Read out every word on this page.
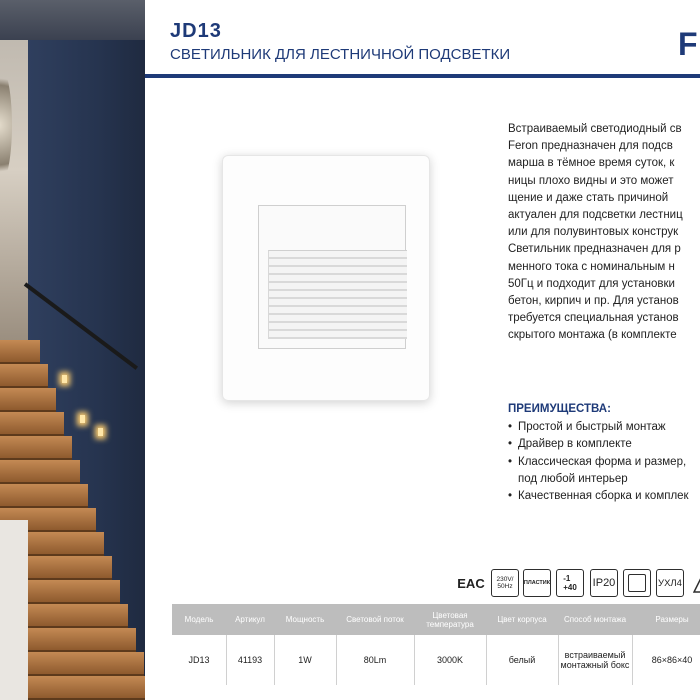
JD13
СВЕТИЛЬНИК ДЛЯ ЛЕСТНИЧНОЙ ПОДСВЕТКИ	F
Встраиваемый светодиодный св
Feron предназначен для подсв
марша в тёмное время суток, к
ницы плохо видны и это может
щение и даже стать причиной
актуален для подсветки лестниц
или для полувинтовых конструк
Светильник предназначен для р
менного тока с номинальным н
50Гц и подходит для установки
бетон, кирпич и пр. Для установ
требуется специальная установ
скрытого монтажа (в комплекте
ПРЕИМУЩЕСТВА:
• Простой и быстрый монтаж
• Драйвер в комплекте
• Классическая форма и размер,
под любой интерьер
• Качественная сборка и комплек
EAC	230V/
50Hz	ПЛАСТИК	-1
+40	IP20	УХЛ4
Модель	Артикул	Мощность	Световой поток	Цветовая температура	Цвет корпуса	Способ монтажа	Размеры
JD13	41193	1W	80Lm	3000K	белый	встраиваемый монтажный бокс	86×86×40
